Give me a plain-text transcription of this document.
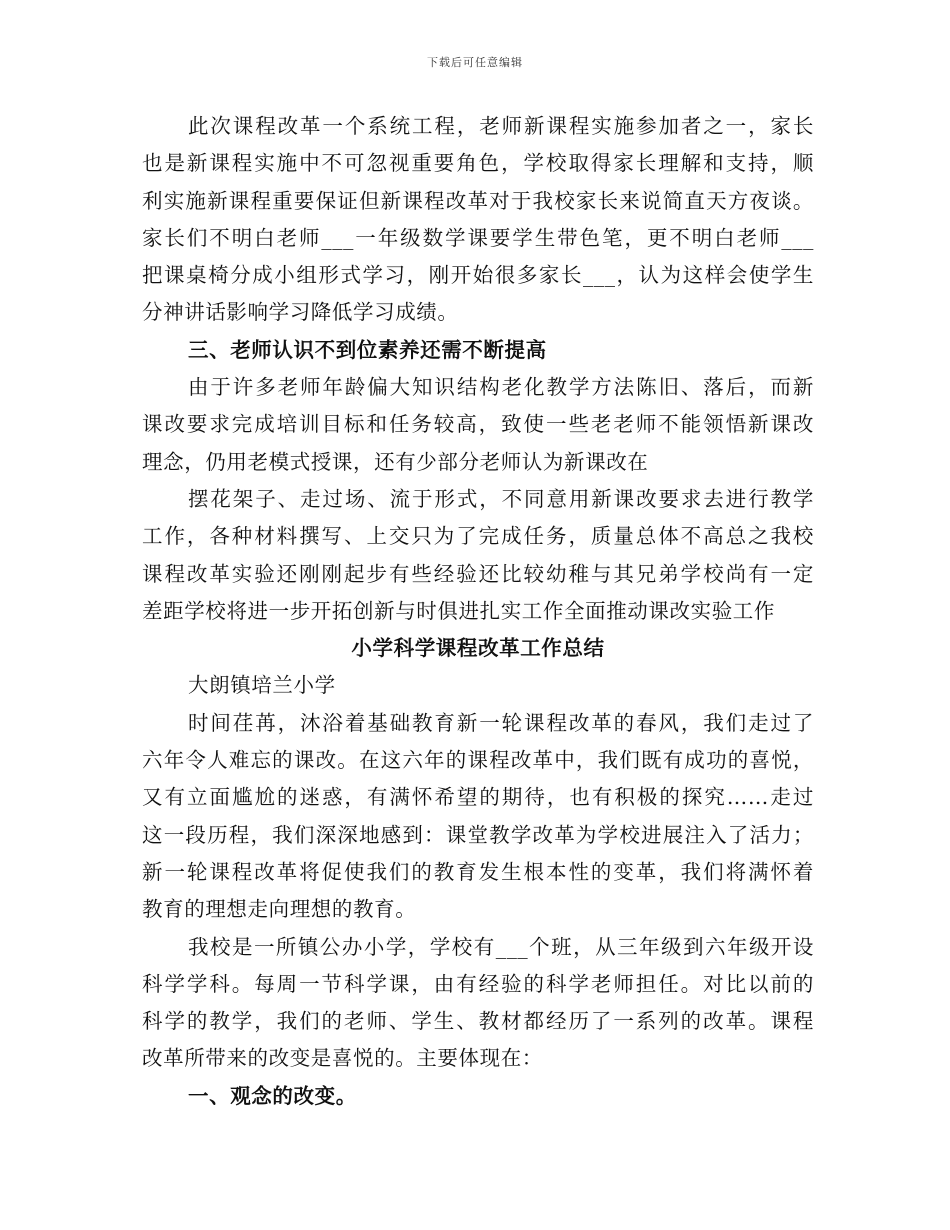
下载后可任意编辑
此次课程改革一个系统工程，老师新课程实施参加者之一，家长
也是新课程实施中不可忽视重要角色，学校取得家长理解和支持，顺
利实施新课程重要保证但新课程改革对于我校家长来说简直天方夜谈。
家长们不明白老师___一年级数学课要学生带色笔，更不明白老师___
把课桌椅分成小组形式学习，刚开始很多家长___，认为这样会使学生
分神讲话影响学习降低学习成绩。
三、老师认识不到位素养还需不断提高
由于许多老师年龄偏大知识结构老化教学方法陈旧、落后，而新
课改要求完成培训目标和任务较高，致使一些老老师不能领悟新课改
理念，仍用老模式授课，还有少部分老师认为新课改在
摆花架子、走过场、流于形式，不同意用新课改要求去进行教学
工作，各种材料撰写、上交只为了完成任务，质量总体不高总之我校
课程改革实验还刚刚起步有些经验还比较幼稚与其兄弟学校尚有一定
差距学校将进一步开拓创新与时俱进扎实工作全面推动课改实验工作
小学科学课程改革工作总结
大朗镇培兰小学
时间荏苒，沐浴着基础教育新一轮课程改革的春风，我们走过了
六年令人难忘的课改。在这六年的课程改革中，我们既有成功的喜悦，
又有立面尴尬的迷惑，有满怀希望的期待，也有积极的探究……走过
这一段历程，我们深深地感到：课堂教学改革为学校进展注入了活力；
新一轮课程改革将促使我们的教育发生根本性的变革，我们将满怀着
教育的理想走向理想的教育。
我校是一所镇公办小学，学校有___个班，从三年级到六年级开设
科学学科。每周一节科学课，由有经验的科学老师担任。对比以前的
科学的教学，我们的老师、学生、教材都经历了一系列的改革。课程
改革所带来的改变是喜悦的。主要体现在：
一、观念的改变。
